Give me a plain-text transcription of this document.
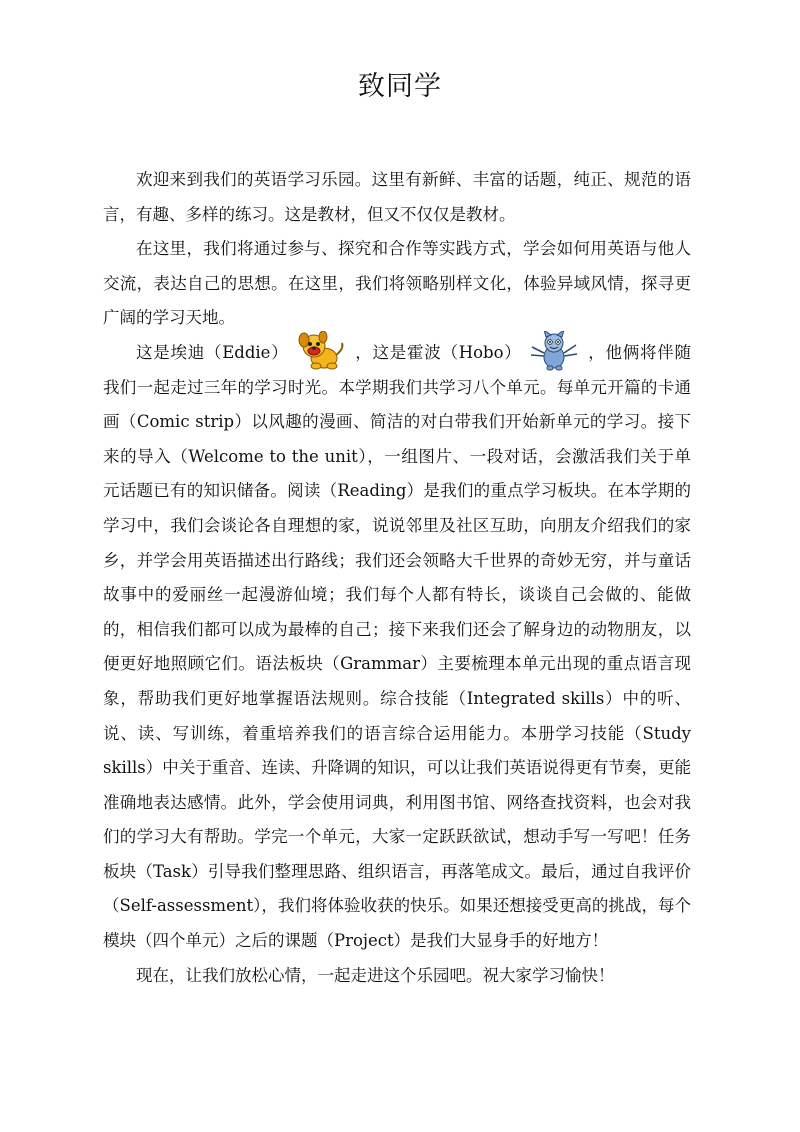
致同学

欢迎来到我们的英语学习乐园。这里有新鲜、丰富的话题，纯正、规范的语言，有趣、多样的练习。这是教材，但又不仅仅是教材。

在这里，我们将通过参与、探究和合作等实践方式，学会如何用英语与他人交流，表达自己的思想。在这里，我们将领略别样文化，体验异域风情，探寻更广阔的学习天地。

这是埃迪（Eddie）	，这是霍波（Hobo）	，他俩将伴随我们一起走过三年的学习时光。本学期我们共学习八个单元。每单元开篇的卡通画（Comic strip）以风趣的漫画、简洁的对白带我们开始新单元的学习。接下来的导入（Welcome to the unit），一组图片、一段对话，会激活我们关于单元话题已有的知识储备。阅读（Reading）是我们的重点学习板块。在本学期的学习中，我们会谈论各自理想的家，说说邻里及社区互助，向朋友介绍我们的家乡，并学会用英语描述出行路线；我们还会领略大千世界的奇妙无穷，并与童话故事中的爱丽丝一起漫游仙境；我们每个人都有特长，谈谈自己会做的、能做的，相信我们都可以成为最棒的自己；接下来我们还会了解身边的动物朋友，以便更好地照顾它们。语法板块（Grammar）主要梳理本单元出现的重点语言现象，帮助我们更好地掌握语法规则。综合技能（Integrated skills）中的听、说、读、写训练，着重培养我们的语言综合运用能力。本册学习技能（Study skills）中关于重音、连读、升降调的知识，可以让我们英语说得更有节奏，更能准确地表达感情。此外，学会使用词典，利用图书馆、网络查找资料，也会对我们的学习大有帮助。学完一个单元，大家一定跃跃欲试，想动手写一写吧！任务板块（Task）引导我们整理思路、组织语言，再落笔成文。最后，通过自我评价（Self-assessment），我们将体验收获的快乐。如果还想接受更高的挑战，每个模块（四个单元）之后的课题（Project）是我们大显身手的好地方！

现在，让我们放松心情，一起走进这个乐园吧。祝大家学习愉快！
